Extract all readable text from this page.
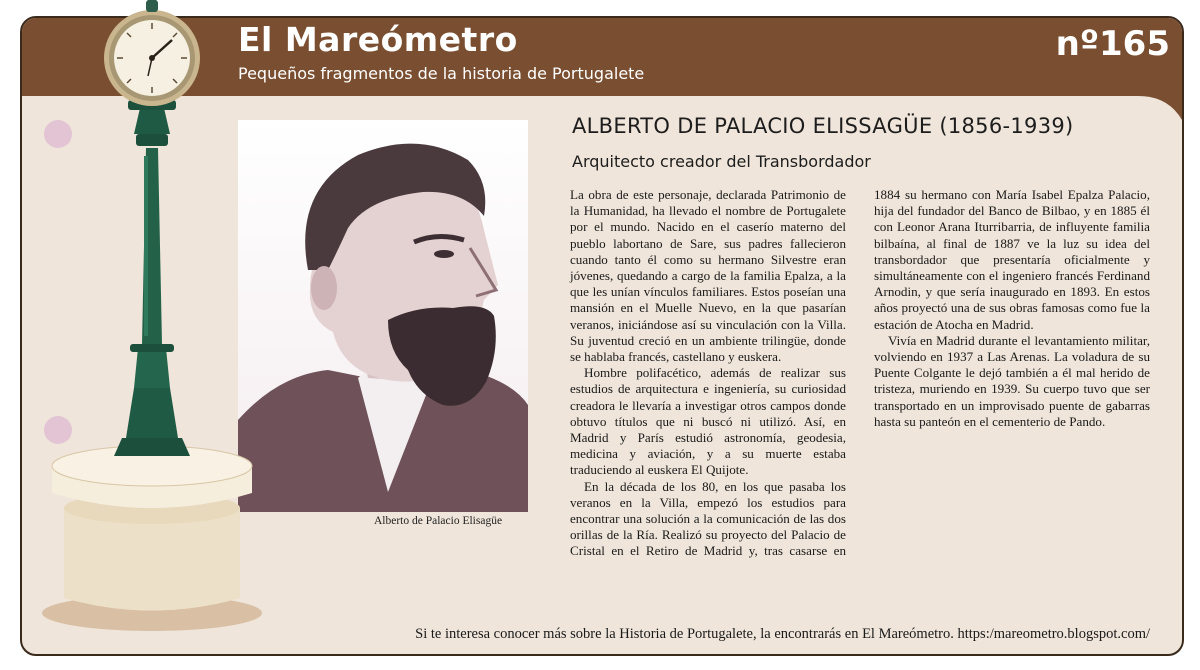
El Mareómetro
Pequeños fragmentos de la historia de Portugalete
nº165
Alberto de Palacio Elisagüe
ALBERTO DE PALACIO ELISSAGÜE (1856-1939)
Arquitecto creador del Transbordador

La obra de este personaje, declarada Patrimonio de la Humanidad, ha llevado el nombre de Portugalete por el mundo. Nacido en el caserío materno del pueblo labortano de Sare, sus padres fallecieron cuando tanto él como su hermano Silvestre eran jóvenes, quedando a cargo de la familia Epalza, a la que les unían vínculos familiares. Estos poseían una mansión en el Muelle Nuevo, en la que pasarían veranos, iniciándose así su vinculación con la Villa. Su juventud creció en un ambiente trilingüe, donde se hablaba francés, castellano y euskera.

Hombre polifacético, además de realizar sus estudios de arquitectura e ingeniería, su curiosidad creadora le llevaría a investigar otros campos donde obtuvo títulos que ni buscó ni utilizó. Así, en Madrid y París estudió astronomía, geodesia, medicina y aviación, y a su muerte estaba traduciendo al euskera El Quijote.

En la década de los 80, en los que pasaba los veranos en la Villa, empezó los estudios para encontrar una solución a la comunicación de las dos orillas de la Ría. Realizó su proyecto del Palacio de Cristal en el Retiro de Madrid y, tras casarse en 1884 su hermano con María Isabel Epalza Palacio, hija del fundador del Banco de Bilbao, y en 1885 él con Leonor Arana Iturribarria, de influyente familia bilbaína, al final de 1887 ve la luz su idea del transbordador que presentaría oficialmente y simultáneamente con el ingeniero francés Ferdinand Arnodin, y que sería inaugurado en 1893. En estos años proyectó una de sus obras famosas como fue la estación de Atocha en Madrid.

Vivía en Madrid durante el levantamiento militar, volviendo en 1937 a Las Arenas. La voladura de su Puente Colgante le dejó también a él mal herido de tristeza, muriendo en 1939. Su cuerpo tuvo que ser transportado en un improvisado puente de gabarras hasta su panteón en el cementerio de Pando.

Si te interesa conocer más sobre la Historia de Portugalete, la encontrarás en El Mareómetro. https:/mareometro.blogspot.com/
